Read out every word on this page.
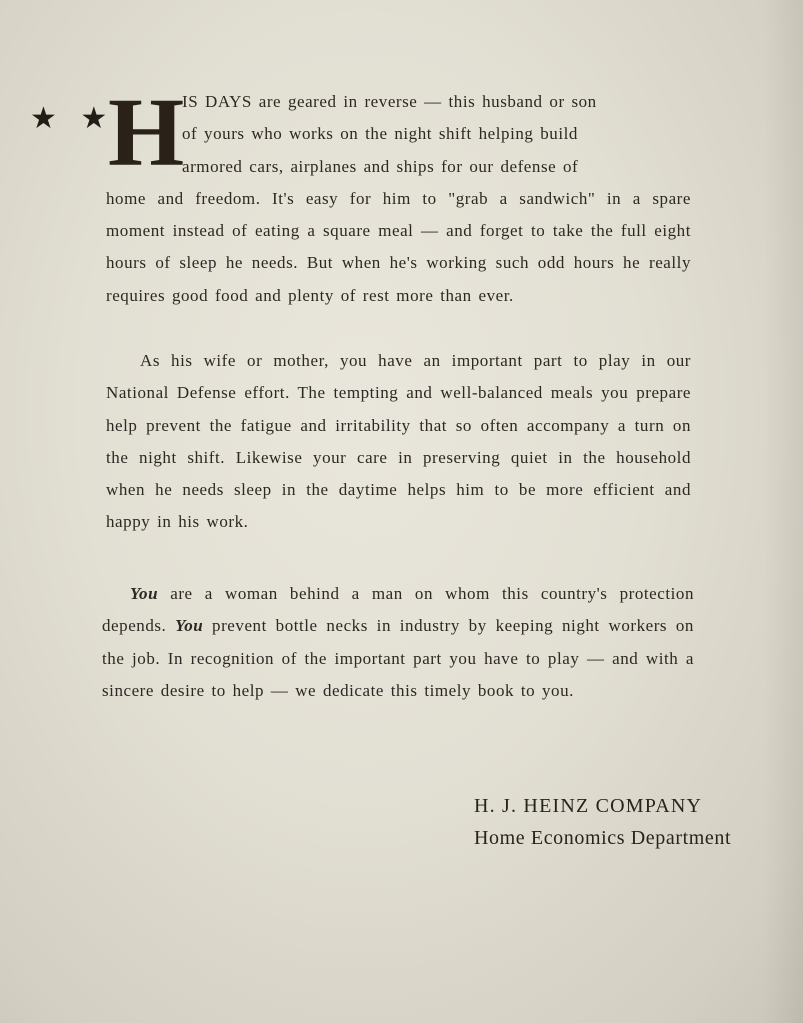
★ ★
H
IS DAYS are geared in reverse — this husband or son
of yours who works on the night shift helping build
armored cars, airplanes and ships for our defense of
home and freedom. It's easy for him to "grab a sandwich" in a spare moment instead of eating a square meal — and forget to take the full eight hours of sleep he needs. But when he's working such odd hours he really requires good food and plenty of rest more than ever.
As his wife or mother, you have an important part to play in our National Defense effort. The tempting and well-balanced meals you prepare help prevent the fatigue and irritability that so often accompany a turn on the night shift. Likewise your care in preserving quiet in the household when he needs sleep in the daytime helps him to be more efficient and happy in his work.
You are a woman behind a man on whom this country's protection depends. You prevent bottle necks in industry by keeping night workers on the job. In recognition of the important part you have to play — and with a sincere desire to help — we dedicate this timely book to you.
H. J. HEINZ COMPANY
Home Economics Department
